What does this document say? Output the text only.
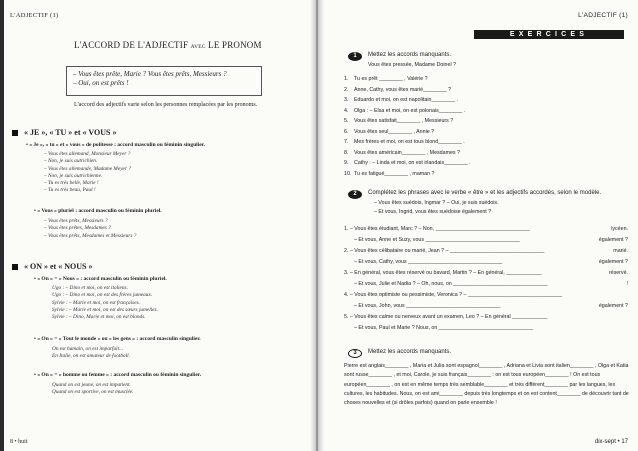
L'ADJECTIF (1)
L'ACCORD DE L'ADJECTIF AVEC LE PRONOM
– Vous êtes prête, Marie ? Vous êtes prêts, Messieurs ?
– Oui, on est prêts !
L'accord des adjectifs varie selon les personnes remplacées par les pronoms.
« JE », « TU » et « VOUS »
• « Je », « tu » et « vous » de politesse : accord masculin ou féminin singulier.
– Vous êtes allemand, Monsieur Meyer ?
– Non, je suis autrichien.
– Vous êtes allemande, Madame Meyer ?
– Non, je suis autrichienne.
– Tu es très belle, Marie !
– Tu es très beau, Paul !
• « Vous » pluriel : accord masculin ou féminin pluriel.
– Vous êtes prêts, Messieurs ?
– Vous êtes prêtes, Mesdames ?
– Vous êtes prêts, Mesdames et Messieurs ?
« ON » et « NOUS »
• « On » = « Nous » : accord masculin ou féminin pluriel.
Ugo : – Dino et moi, on est italiens.
Ugo : – Dino et moi, on est des frères jumeaux.
Sylvie : – Marie et moi, on est françaises.
Sylvie : – Marie et moi, on est des sœurs jumelles.
Sylvie : – Dino, Marie et moi, on est blonds.
• « On » = « Tout le monde » ou « les gens » : accord masculin singulier.
On est humain, on est imparfait...
En Italie, on est amateur de football.
• « On » = « homme ou femme » : accord masculin ou féminin singulier.
Quand on est jeune, on est impatient.
Quand on est sportive, on est musclée.
8 • huit
L'ADJECTIF (1)
EXERCICES
1	Mettez les accords manquants.
Vous êtes pressée, Madame Doinel ?
1. Tu es prêt ________ , Valérie ?
2. Anne, Cathy, vous êtes marié________ ?
3. Eduardo et moi, on est napolitain________ .
4. Olga : – Elsa et moi, on est polonais________ .
5. Vous êtes satisfait________ , Messieurs ?
6. Vous êtes seul________ , Annie ?
7. Mes frères et moi, on est tous blond________ .
8. Vous êtes américain________ , Mesdames ?
9. Cathy : – Linda et moi, on est irlandais________ .
10. Tu es fatigué________ , maman ?
2	Complétez les phrases avec le verbe « être » et les adjectifs accordés, selon le modèle.
– Vous êtes suédois, Ingmar ? – Oui, je suis suédois.
– Et vous, Ingrid, vous êtes suédoise également ?
1. – Vous êtes étudiant, Marc ? – Non, ________________________________	lycéen.
– Et vous, Anne et Suzy, vous ________________________________	également ?
2. – Vous êtes célibataire ou marié, Jean ? – ________________________________	marié.
– Et vous, Cathy, vous ________________________________	également ?
3. – En général, vous êtes réservé ou bavard, Martin ? – En général, ____________	réservé.
– Et vous, Julie et Nadia ? – Oh, nous, on ________________________________	!
4. – Vous êtes optimiste ou pessimiste, Veronica ? – ________________________________
– Et vous, John, vous ________________________________	également ?
5. – Vous êtes calme ou nerveux avant un examen, Leo ? – En général ____________
– Et vous, Paul et Marie ? Nous, on ________________________________
3	Mettez les accords manquants.
Pierre est anglais________ , Maria et Julia sont espagnol________ , Adriana et Livia sont italien________ , Olga et Katia sont russe________ , et moi, Carole, je suis français________ : on est tous européen________ ! On est tous européen________ , on est en même temps très semblable________ et très différent________ par les langues, les cultures, les habitudes. Nous, on est ami________ depuis très longtemps et on est content________ de découvrir tant de choses nouvelles et (si drôles parfois) quand on parle ensemble !
dix-sept • 17
